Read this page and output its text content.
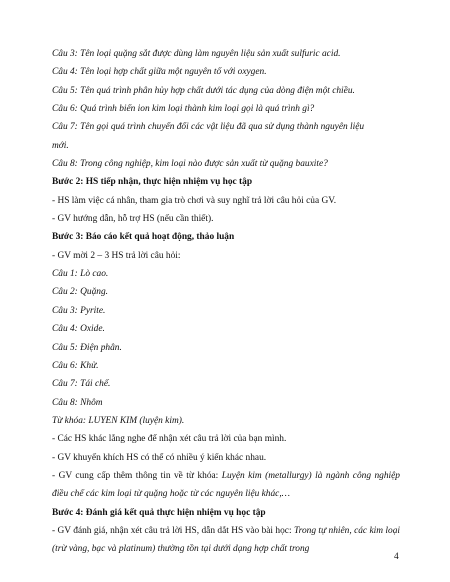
Câu 3: Tên loại quặng sắt được dùng làm nguyên liệu sản xuất sulfuric acid.

Câu 4: Tên loại hợp chất giữa một nguyên tố với oxygen.

Câu 5: Tên quá trình phân hủy hợp chất dưới tác dụng của dòng điện một chiều.

Câu 6: Quá trình biến ion kim loại thành kim loại gọi là quá trình gì?

Câu 7: Tên gọi quá trình chuyển đổi các vật liệu đã qua sử dụng thành nguyên liệu

mới.

Câu 8: Trong công nghiệp, kim loại nào được sản xuất từ quặng bauxite?

Bước 2: HS tiếp nhận, thực hiện nhiệm vụ học tập

- HS làm việc cá nhân, tham gia trò chơi và suy nghĩ trả lời câu hỏi của GV.

- GV hướng dẫn, hỗ trợ HS (nếu cần thiết).

Bước 3: Báo cáo kết quả hoạt động, thảo luận

- GV mời 2 – 3 HS trả lời câu hỏi:

Câu 1: Lò cao.

Câu 2: Quặng.

Câu 3: Pyrite.

Câu 4: Oxide.

Câu 5: Điện phân.

Câu 6: Khử.

Câu 7: Tái chế.

Câu 8: Nhôm

Từ khóa: LUYEN KIM (luyện kim).

- Các HS khác lắng nghe để nhận xét câu trả lời của bạn mình.

- GV khuyến khích HS có thể có nhiều ý kiến khác nhau.

- GV cung cấp thêm thông tin về từ khóa: Luyện kim (metallurgy) là ngành công nghiệp điều chế các kim loại từ quặng hoặc từ các nguyên liệu khác,…

Bước 4: Đánh giá kết quả thực hiện nhiệm vụ học tập

- GV đánh giá, nhận xét câu trả lời HS, dẫn dắt HS vào bài học: Trong tự nhiên, các kim loại (trừ vàng, bạc và platinum) thường tồn tại dưới dạng hợp chất trong

4
